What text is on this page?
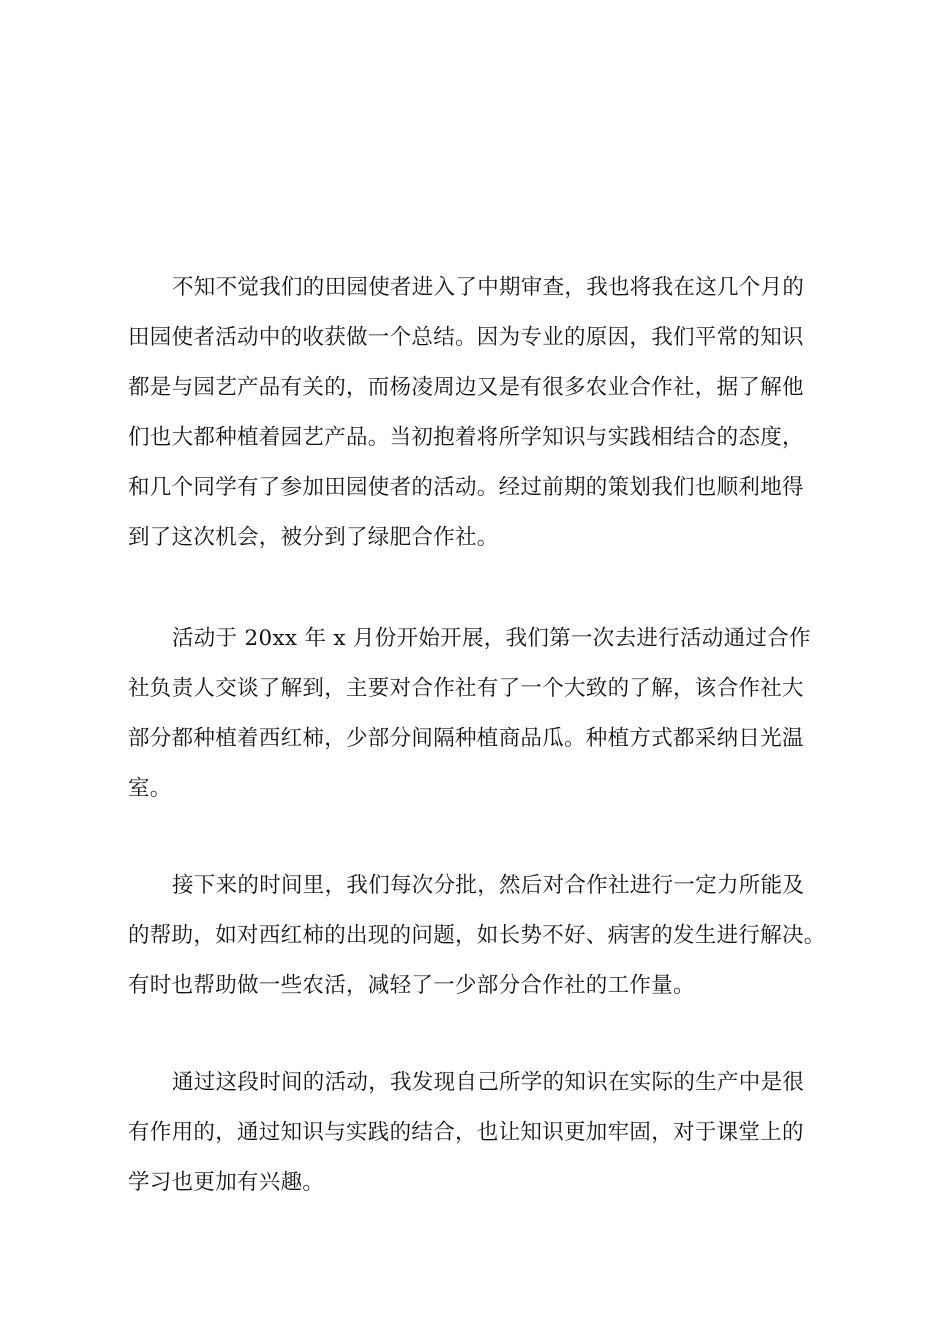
不知不觉我们的田园使者进入了中期审查，我也将我在这几个月的
田园使者活动中的收获做一个总结。因为专业的原因，我们平常的知识
都是与园艺产品有关的，而杨凌周边又是有很多农业合作社，据了解他
们也大都种植着园艺产品。当初抱着将所学知识与实践相结合的态度，
和几个同学有了参加田园使者的活动。经过前期的策划我们也顺利地得
到了这次机会，被分到了绿肥合作社。
活动于 20xx 年 x 月份开始开展，我们第一次去进行活动通过合作
社负责人交谈了解到，主要对合作社有了一个大致的了解，该合作社大
部分都种植着西红柿，少部分间隔种植商品瓜。种植方式都采纳日光温
室。
接下来的时间里，我们每次分批，然后对合作社进行一定力所能及
的帮助，如对西红柿的出现的问题，如长势不好、病害的发生进行解决。
有时也帮助做一些农活，减轻了一少部分合作社的工作量。
通过这段时间的活动，我发现自己所学的知识在实际的生产中是很
有作用的，通过知识与实践的结合，也让知识更加牢固，对于课堂上的
学习也更加有兴趣。
